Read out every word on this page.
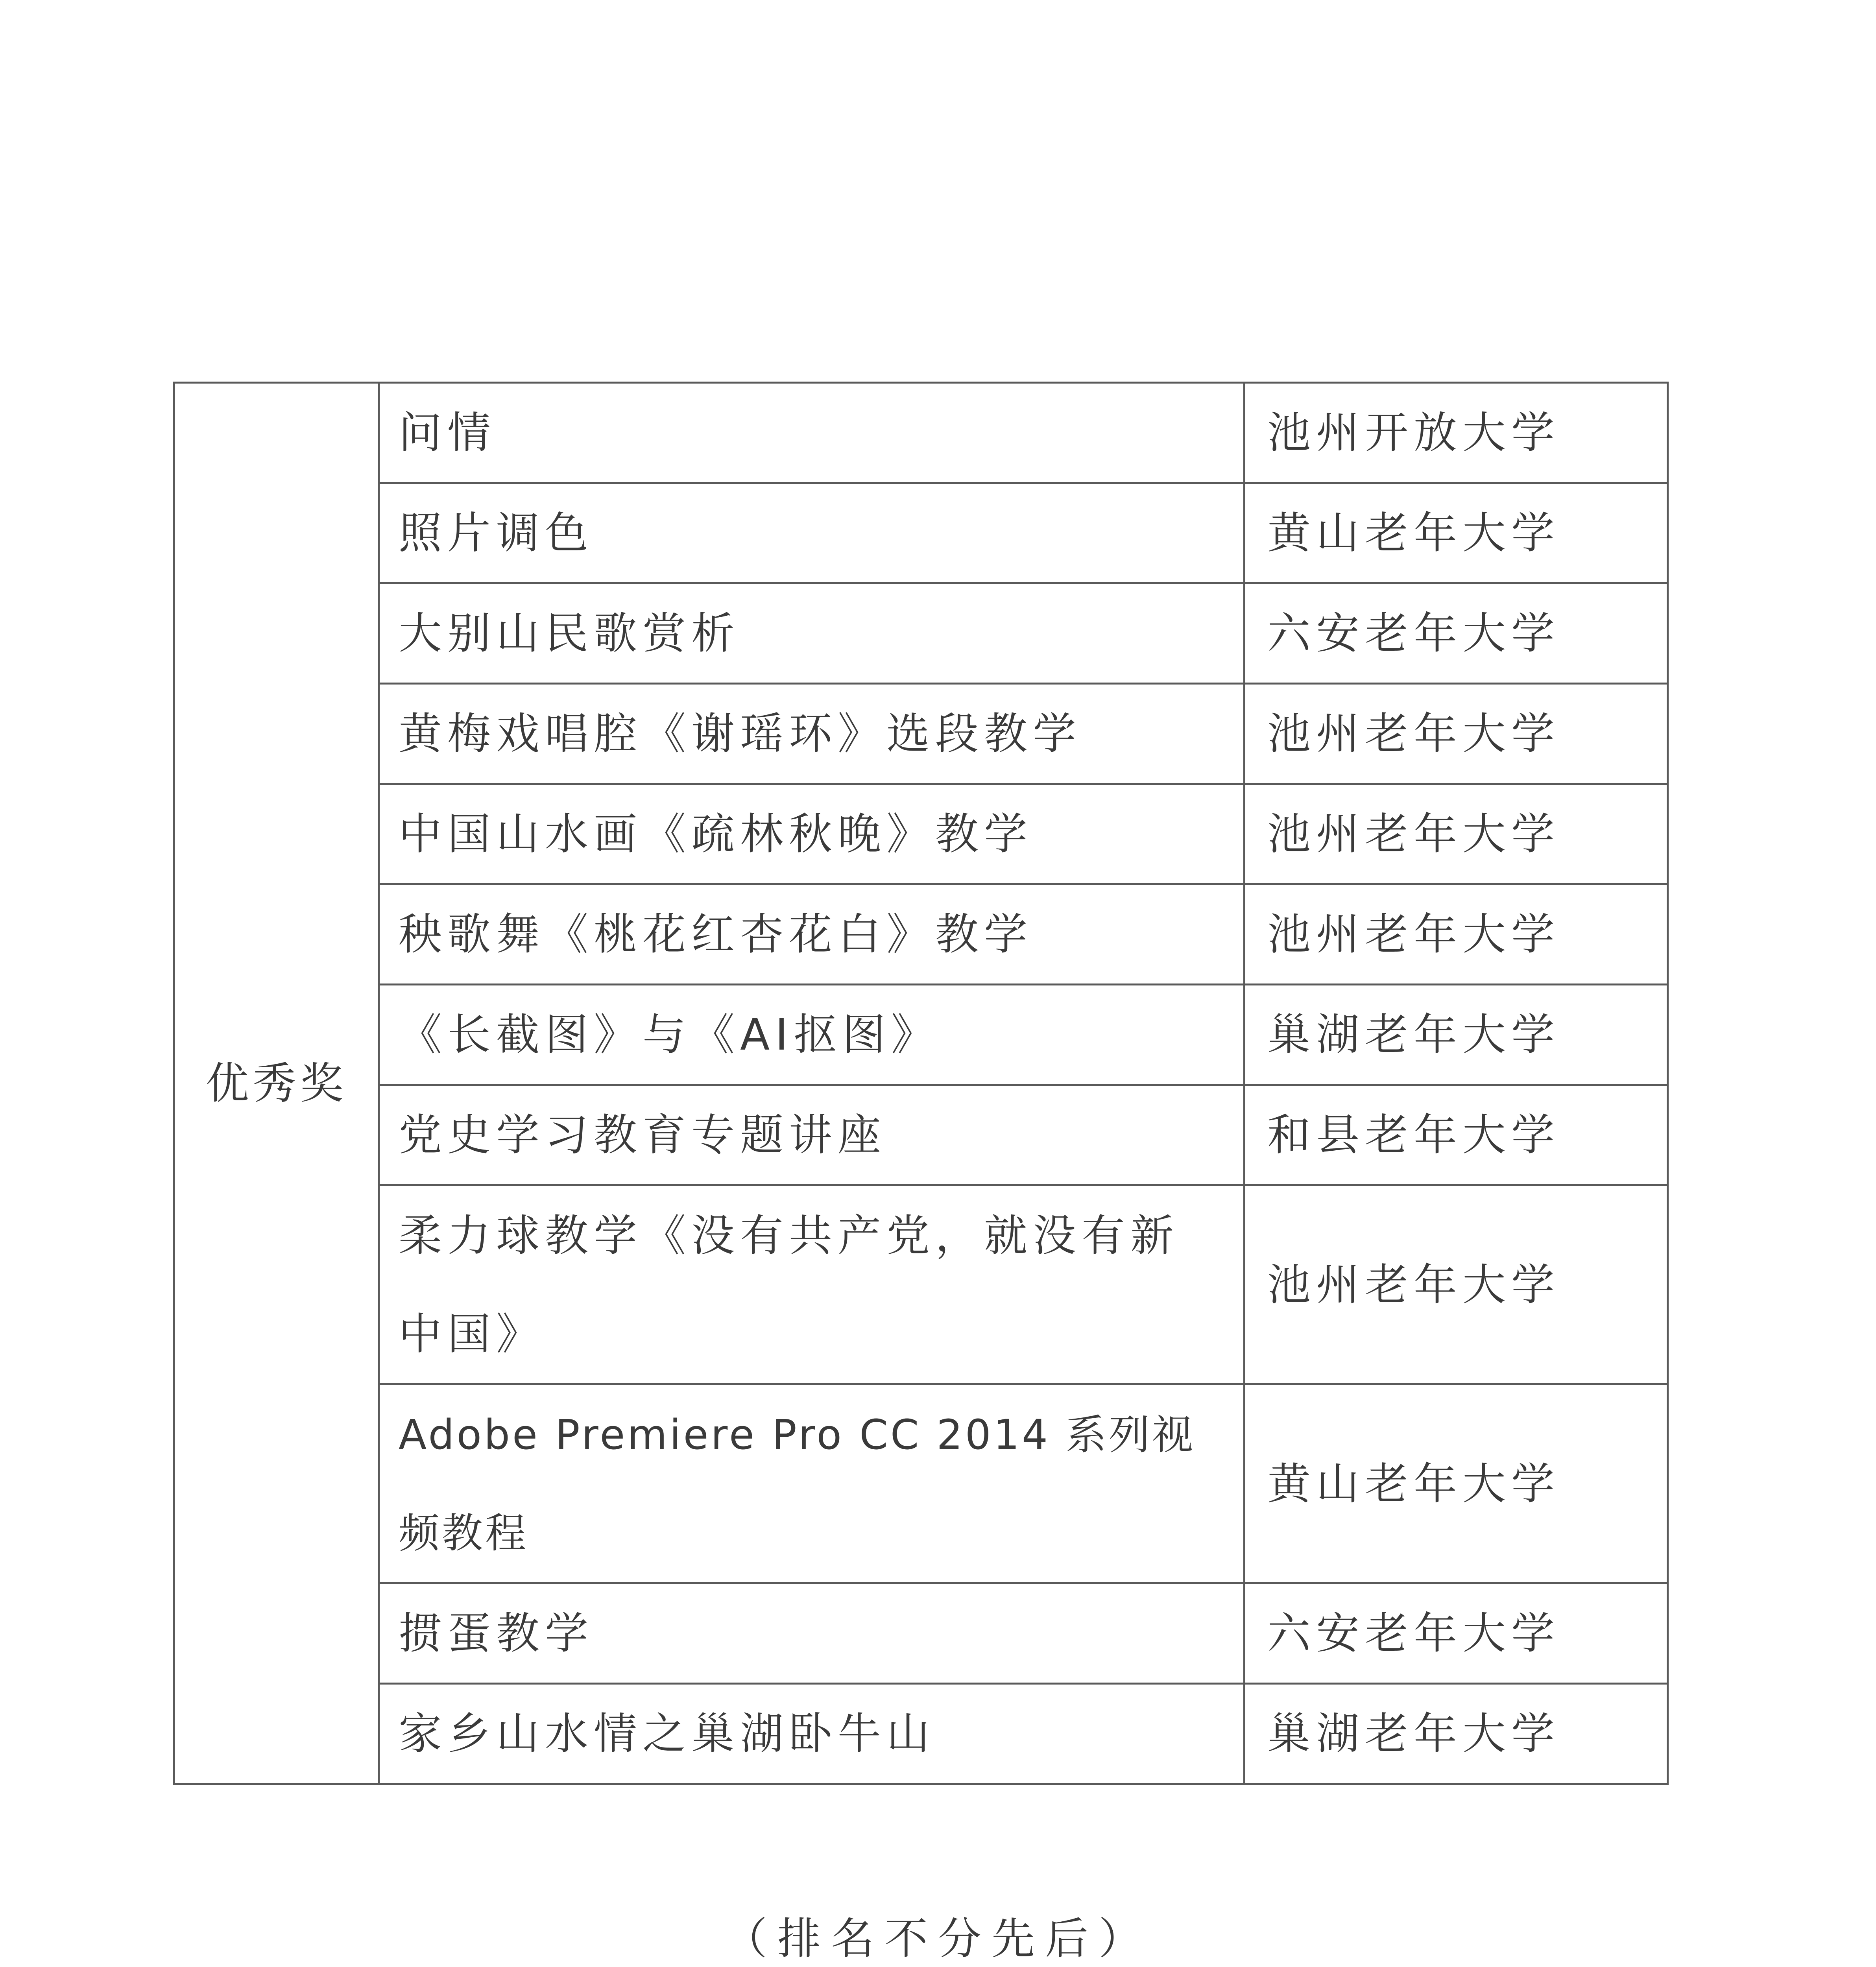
优秀奖	问情	池州开放大学
	照片调色	黄山老年大学
	大别山民歌赏析	六安老年大学
	黄梅戏唱腔《谢瑶环》选段教学	池州老年大学
	中国山水画《疏林秋晚》教学	池州老年大学
	秧歌舞《桃花红杏花白》教学	池州老年大学
	《长截图》与《AI抠图》	巢湖老年大学
	党史学习教育专题讲座	和县老年大学
	柔力球教学《没有共产党，就没有新中国》	池州老年大学
	Adobe Premiere Pro CC 2014 系列视频教程	黄山老年大学
	掼蛋教学	六安老年大学
	家乡山水情之巢湖卧牛山	巢湖老年大学
（排名不分先后）
